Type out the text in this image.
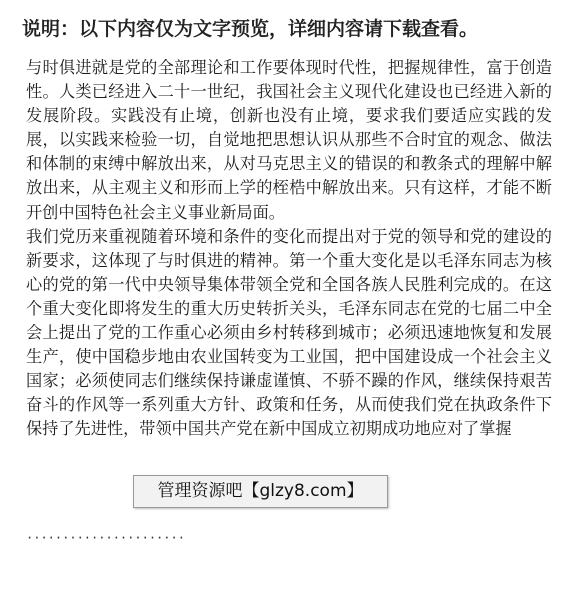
说明：以下内容仅为文字预览，详细内容请下载查看。

与时俱进就是党的全部理论和工作要体现时代性，把握规律性，富于创造性。人类已经进入二十一世纪，我国社会主义现代化建设也已经进入新的发展阶段。实践没有止境，创新也没有止境，要求我们要适应实践的发展，以实践来检验一切，自觉地把思想认识从那些不合时宜的观念、做法和体制的束缚中解放出来，从对马克思主义的错误的和教条式的理解中解放出来，从主观主义和形而上学的桎梏中解放出来。只有这样，才能不断开创中国特色社会主义事业新局面。

我们党历来重视随着环境和条件的变化而提出对于党的领导和党的建设的新要求，这体现了与时俱进的精神。第一个重大变化是以毛泽东同志为核心的党的第一代中央领导集体带领全党和全国各族人民胜利完成的。在这个重大变化即将发生的重大历史转折关头，毛泽东同志在党的七届二中全会上提出了党的工作重心必须由乡村转移到城市；必须迅速地恢复和发展生产，使中国稳步地由农业国转变为工业国，把中国建设成一个社会主义国家；必须使同志们继续保持谦虚谨慎、不骄不躁的作风，继续保持艰苦奋斗的作风等一系列重大方针、政策和任务，从而使我们党在执政条件下保持了先进性，带领中国共产党在新中国成立初期成功地应对了掌握

管理资源吧【glzy8.com】
······················
